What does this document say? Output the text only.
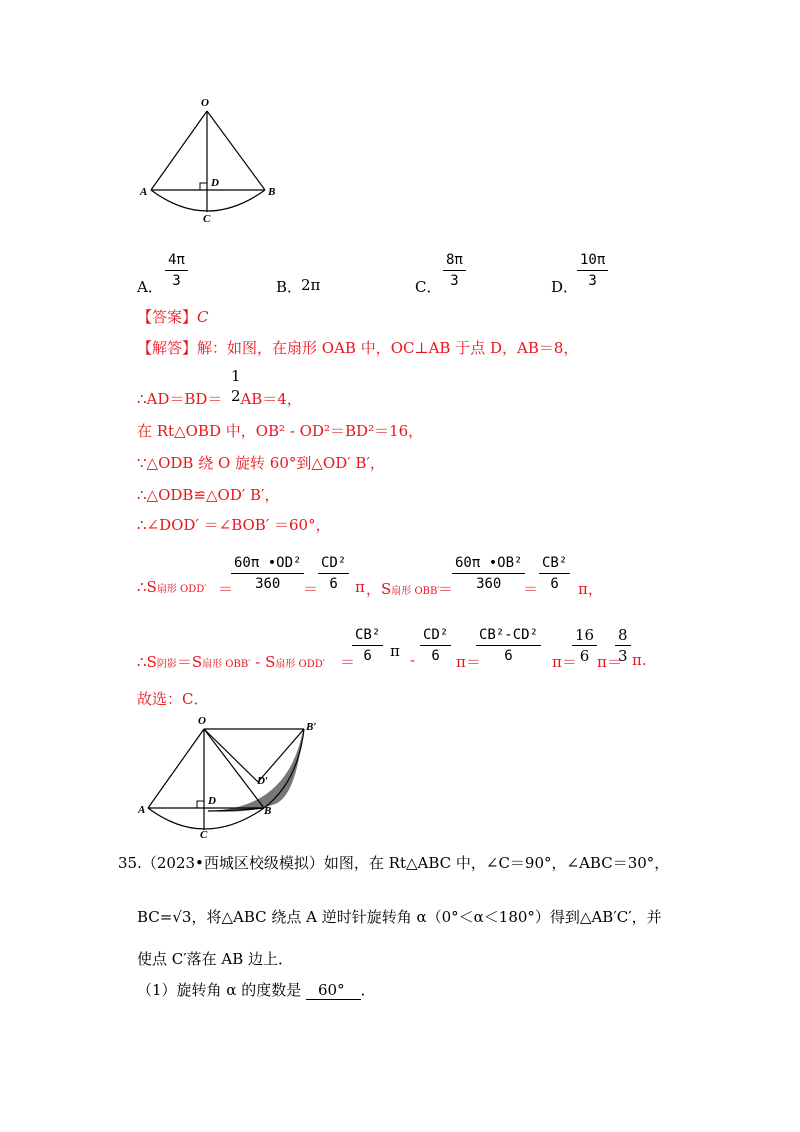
O
A	B
D
C
A． $\frac{4\pi}{3}$	B．
2π	C． $\frac{8\pi}{3}$	D．
$\frac{10\pi}{3}$
【答案】C
【解答】解：如图，在扇形 OAB 中，OC⊥AB 于点 D，AB＝8，
∴AD＝BD＝ AB＝4，
1
2
在 Rt△OBD 中，OB² - OD²＝BD²＝16，
∵△ODB 绕 O 旋转 60°到△OD′ B′，
∴△ODB≌△OD′ B′，
∴∠DOD′ ＝∠BOB′ ＝60°，
∴S扇形 ODD′ ＝
$\frac{\text{60π •OD²}}{360}$
＝ $\frac{\text{CD²}}{6}$ π ，S扇形 OBB′
＝
$\frac{\text{60π •OB²}}{360}$
＝ $\frac{\text{CB²}}{6}$ π，
∴S阴影＝S扇形 OBB′ - S扇形 ODD′ ＝
$\frac{\text{CB²}}{6}$ $\pi - \frac{\text{CD²}}{6} \pi=$
$\frac{\text{CB²-CD²}}{6} \pi=$
$\frac{16}{6} \pi=$
$\frac{8}{3} \pi$.
故选：C．
O	B′
D′
A
D
B
C
35.（2023•西城区校级模拟）如图，在 Rt△ABC 中，∠C＝90°，∠ABC＝30°，
BC=√3，将△ABC 绕点 A 逆时针旋转角 α（0°＜α＜180°）得到△AB′C′，并
使点 C′落在 AB 边上．
（1）旋转角 α 的度数是 60° ．
